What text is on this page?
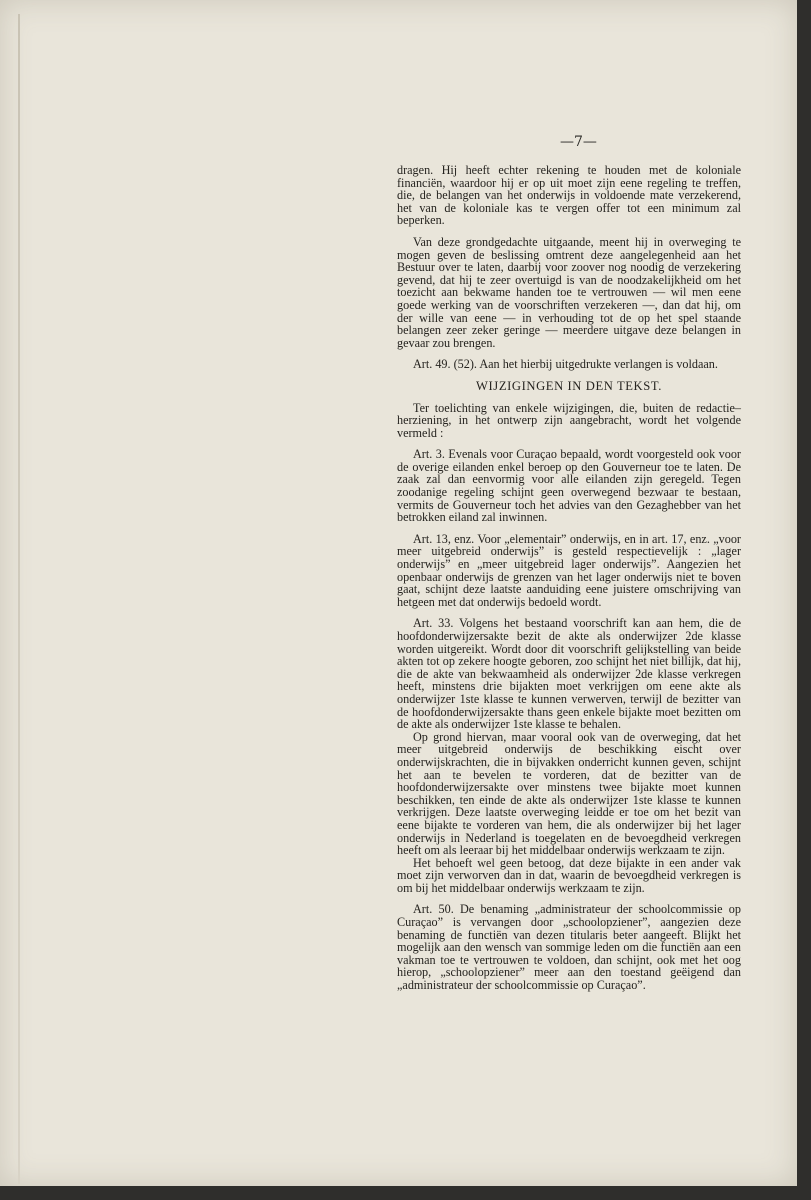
—7—

dragen. Hij heeft echter rekening te houden met de koloniale financiën, waardoor hij er op uit moet zijn eene regeling te treffen, die, de belangen van het onderwijs in voldoende mate verzekerend, het van de koloniale kas te vergen offer tot een minimum zal beperken.

Van deze grondgedachte uitgaande, meent hij in overweging te mogen geven de beslissing omtrent deze aangelegenheid aan het Bestuur over te laten, daarbij voor zoover nog noodig de verzekering gevend, dat hij te zeer overtuigd is van de noodzakelijkheid om het toezicht aan bekwame handen toe te vertrouwen — wil men eene goede werking van de voorschriften verzekeren —, dan dat hij, om der wille van eene — in verhouding tot de op het spel staande belangen zeer zeker geringe — meerdere uitgave deze belangen in gevaar zou brengen.

Art. 49. (52). Aan het hierbij uitgedrukte verlangen is voldaan.

WIJZIGINGEN IN DEN TEKST.

Ter toelichting van enkele wijzigingen, die, buiten de redactie–herziening, in het ontwerp zijn aangebracht, wordt het volgende vermeld :

Art. 3. Evenals voor Curaçao bepaald, wordt voorgesteld ook voor de overige eilanden enkel beroep op den Gouverneur toe te laten. De zaak zal dan eenvormig voor alle eilanden zijn geregeld. Tegen zoodanige regeling schijnt geen overwegend bezwaar te bestaan, vermits de Gouverneur toch het advies van den Gezaghebber van het betrokken eiland zal inwinnen.

Art. 13, enz. Voor „elementair” onderwijs, en in art. 17, enz. „voor meer uitgebreid onderwijs” is gesteld respectievelijk : „lager onderwijs” en „meer uitgebreid lager onderwijs”. Aangezien het openbaar onderwijs de grenzen van het lager onderwijs niet te boven gaat, schijnt deze laatste aanduiding eene juistere omschrijving van hetgeen met dat onderwijs bedoeld wordt.

Art. 33. Volgens het bestaand voorschrift kan aan hem, die de hoofdonderwijzersakte bezit de akte als onderwijzer 2de klasse worden uitgereikt. Wordt door dit voorschrift gelijkstelling van beide akten tot op zekere hoogte geboren, zoo schijnt het niet billijk, dat hij, die de akte van bekwaamheid als onderwijzer 2de klasse verkregen heeft, minstens drie bijakten moet verkrijgen om eene akte als onderwijzer 1ste klasse te kunnen verwerven, terwijl de bezitter van de hoofdonderwijzersakte thans geen enkele bijakte moet bezitten om de akte als onderwijzer 1ste klasse te behalen.

Op grond hiervan, maar vooral ook van de overweging, dat het meer uitgebreid onderwijs de beschikking eischt over onderwijskrachten, die in bijvakken onderricht kunnen geven, schijnt het aan te bevelen te vorderen, dat de bezitter van de hoofdonderwijzersakte over minstens twee bijakte moet kunnen beschikken, ten einde de akte als onderwijzer 1ste klasse te kunnen verkrijgen. Deze laatste overweging leidde er toe om het bezit van eene bijakte te vorderen van hem, die als onderwijzer bij het lager onderwijs in Nederland is toegelaten en de bevoegdheid verkregen heeft om als leeraar bij het middelbaar onderwijs werkzaam te zijn.

Het behoeft wel geen betoog, dat deze bijakte in een ander vak moet zijn verworven dan in dat, waarin de bevoegdheid verkregen is om bij het middelbaar onderwijs werkzaam te zijn.

Art. 50. De benaming „administrateur der schoolcommissie op Curaçao” is vervangen door „schoolopziener”, aangezien deze benaming de functiën van dezen titularis beter aangeeft. Blijkt het mogelijk aan den wensch van sommige leden om die functiën aan een vakman toe te vertrouwen te voldoen, dan schijnt, ook met het oog hierop, „schoolopziener” meer aan den toestand geëigend dan „administrateur der schoolcommissie op Curaçao”.
